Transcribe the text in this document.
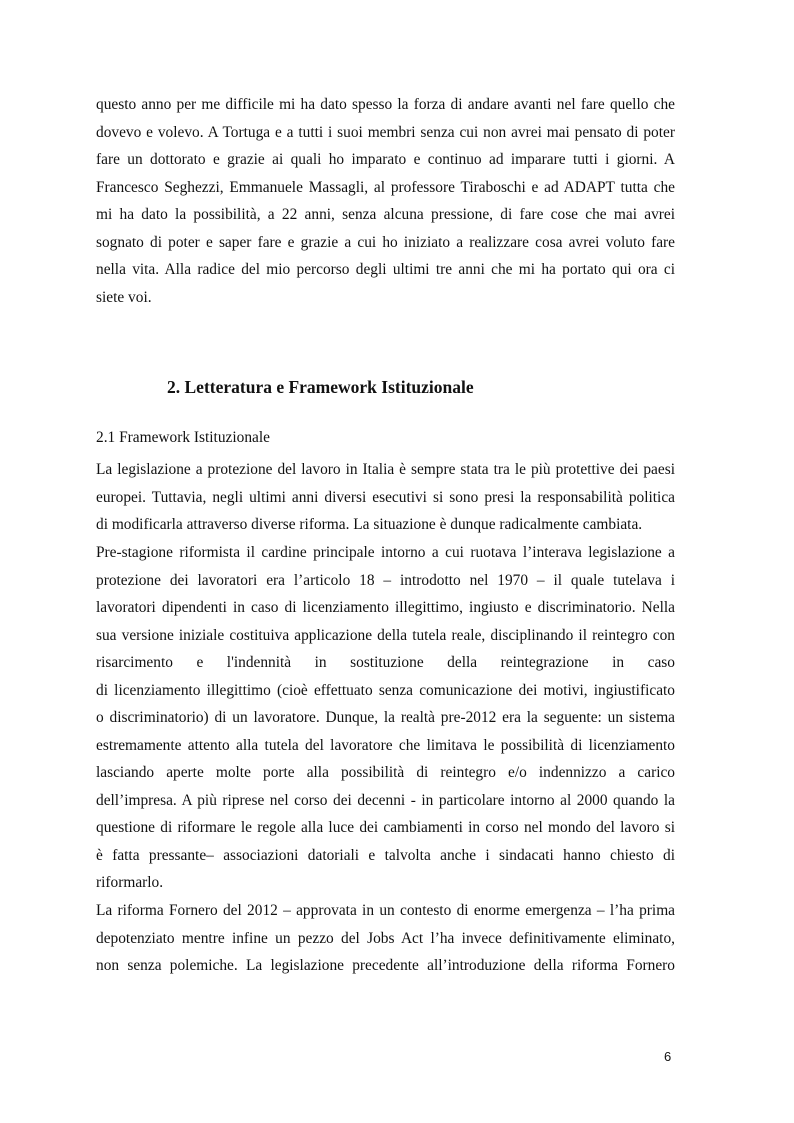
questo anno per me difficile mi ha dato spesso la forza di andare avanti nel fare quello che
dovevo e volevo. A Tortuga e a tutti i suoi membri senza cui non avrei mai pensato di poter
fare un dottorato e grazie ai quali ho imparato e continuo ad imparare tutti i giorni. A
Francesco Seghezzi, Emmanuele Massagli, al professore Tiraboschi e ad ADAPT tutta che
mi ha dato la possibilità, a 22 anni, senza alcuna pressione, di fare cose che mai avrei
sognato di poter e saper fare e grazie a cui ho iniziato a realizzare cosa avrei voluto fare
nella vita. Alla radice del mio percorso degli ultimi tre anni che mi ha portato qui ora ci
siete voi.
2. Letteratura e Framework Istituzionale
2.1 Framework Istituzionale
La legislazione a protezione del lavoro in Italia è sempre stata tra le più protettive dei paesi
europei. Tuttavia, negli ultimi anni diversi esecutivi si sono presi la responsabilità politica
di modificarla attraverso diverse riforma. La situazione è dunque radicalmente cambiata.
Pre-stagione riformista il cardine principale intorno a cui ruotava l’interava legislazione a
protezione dei lavoratori era l’articolo 18 – introdotto nel 1970 – il quale tutelava i
lavoratori dipendenti in caso di licenziamento illegittimo, ingiusto e discriminatorio. Nella
sua versione iniziale costituiva applicazione della tutela reale, disciplinando il reintegro con
risarcimento e l'indennità in sostituzione della reintegrazione in caso
di licenziamento illegittimo (cioè effettuato senza comunicazione dei motivi, ingiustificato
o discriminatorio) di un lavoratore. Dunque, la realtà pre-2012 era la seguente: un sistema
estremamente attento alla tutela del lavoratore che limitava le possibilità di licenziamento
lasciando aperte molte porte alla possibilità di reintegro e/o indennizzo a carico
dell’impresa. A più riprese nel corso dei decenni - in particolare intorno al 2000 quando la
questione di riformare le regole alla luce dei cambiamenti in corso nel mondo del lavoro si
è fatta pressante– associazioni datoriali e talvolta anche i sindacati hanno chiesto di
riformarlo.
La riforma Fornero del 2012 – approvata in un contesto di enorme emergenza – l’ha prima
depotenziato mentre infine un pezzo del Jobs Act l’ha invece definitivamente eliminato,
non senza polemiche. La legislazione precedente all’introduzione della riforma Fornero
6
